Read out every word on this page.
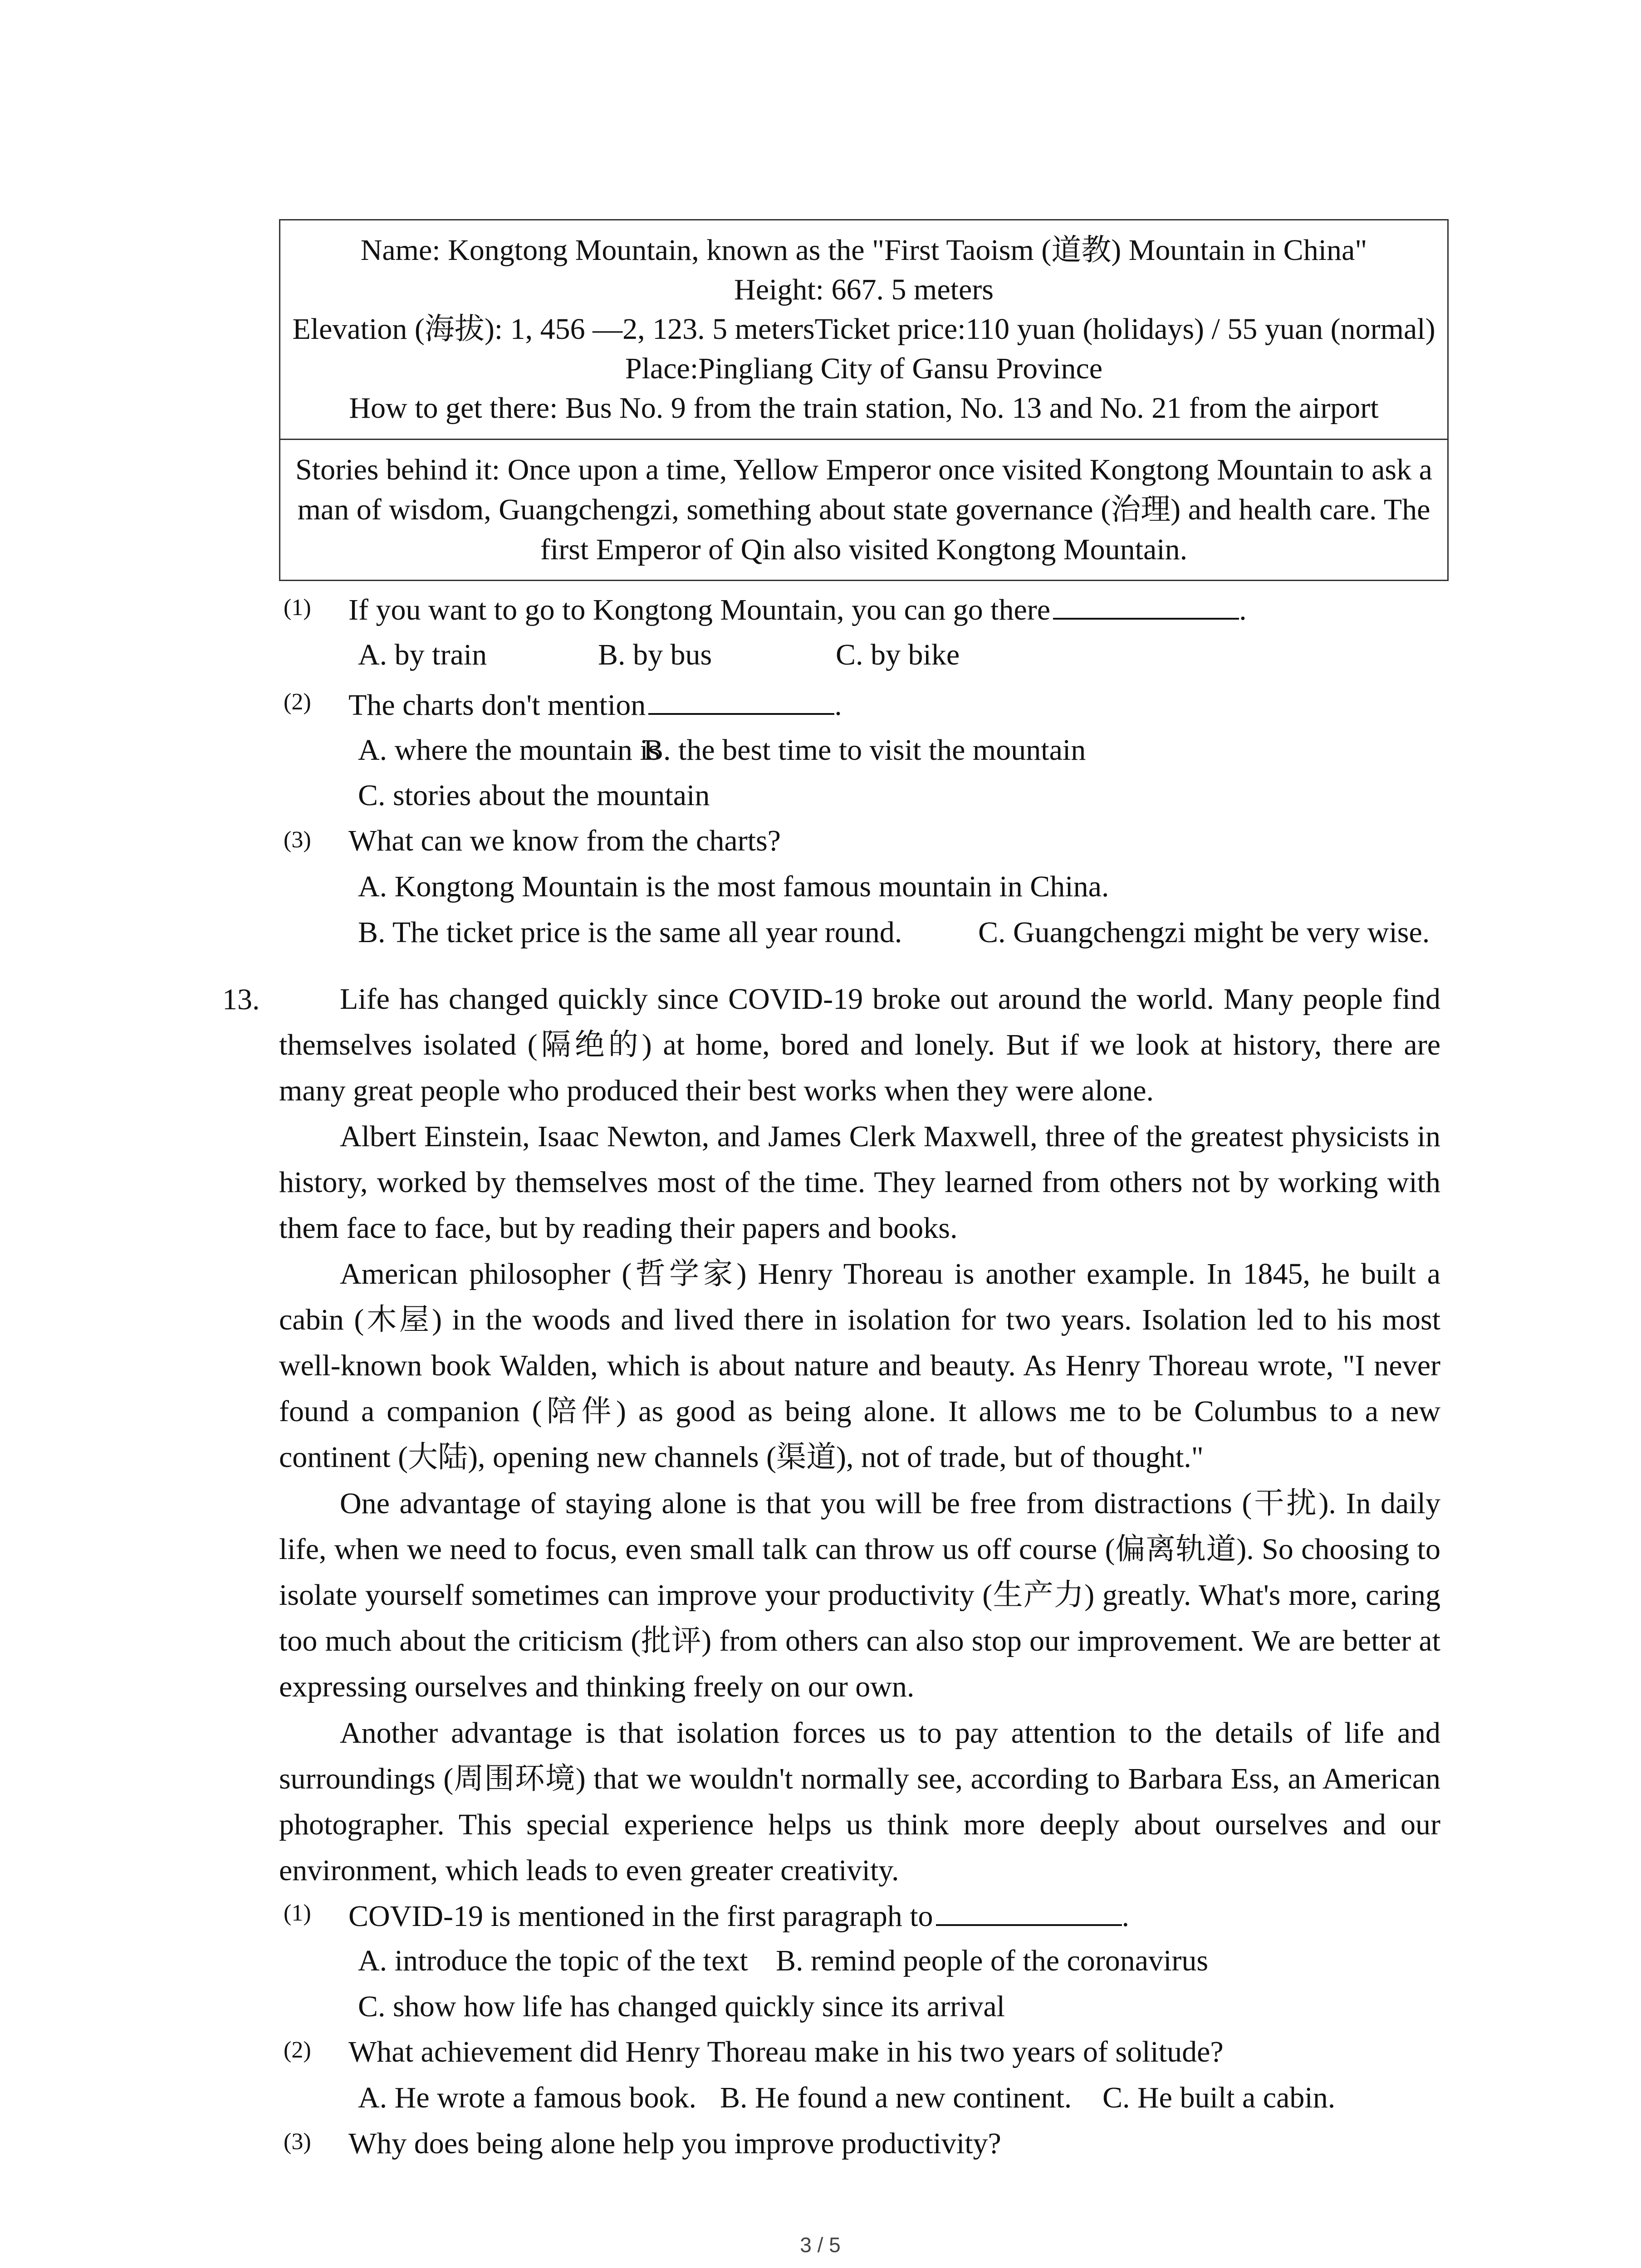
Name: Kongtong Mountain, known as the "First Taoism (道教) Mountain in China"
Height: 667. 5 meters
Elevation (海拔): 1, 456 —2, 123. 5 metersTicket price:110 yuan (holidays) / 55 yuan (normal)Place:Pingliang City of Gansu Province
How to get there: Bus No. 9 from the train station, No. 13 and No. 21 from the airport
Stories behind it: Once upon a time, Yellow Emperor once visited Kongtong Mountain to ask a man of wisdom, Guangchengzi, something about state governance (治理) and health care. The first Emperor of Qin also visited Kongtong Mountain.
(1) If you want to go to Kongtong Mountain, you can go there	.
A. by train	B. by bus	C. by bike
(2) The charts don't mention	.
A. where the mountain is
B. the best time to visit the mountain
C. stories about the mountain
(3) What can we know from the charts?
A. Kongtong Mountain is the most famous mountain in China.
B. The ticket price is the same all year round.	C. Guangchengzi might be very wise.
13.	Life has changed quickly since COVID-19 broke out around the world. Many people find themselves isolated (隔绝的) at home, bored and lonely. But if we look at history, there are many great people who produced their best works when they were alone.
Albert Einstein, Isaac Newton, and James Clerk Maxwell, three of the greatest physicists in history, worked by themselves most of the time. They learned from others not by working with them face to face, but by reading their papers and books.
American philosopher (哲学家) Henry Thoreau is another example. In 1845, he built a cabin (木屋) in the woods and lived there in isolation for two years. Isolation led to his most well-known book Walden, which is about nature and beauty. As Henry Thoreau wrote, "I never found a companion (陪伴) as good as being alone. It allows me to be Columbus to a new continent (大陆), opening new channels (渠道), not of trade, but of thought."
One advantage of staying alone is that you will be free from distractions (干扰). In daily life, when we need to focus, even small talk can throw us off course (偏离轨道). So choosing to isolate yourself sometimes can improve your productivity (生产力) greatly. What's more, caring too much about the criticism (批评) from others can also stop our improvement. We are better at expressing ourselves and thinking freely on our own.
Another advantage is that isolation forces us to pay attention to the details of life and surroundings (周围环境) that we wouldn't normally see, according to Barbara Ess, an American photographer. This special experience helps us think more deeply about ourselves and our environment, which leads to even greater creativity.
(1) COVID-19 is mentioned in the first paragraph to	.
A. introduce the topic of the text B. remind people of the coronavirus
C. show how life has changed quickly since its arrival
(2) What achievement did Henry Thoreau make in his two years of solitude?
A. He wrote a famous book. B. He found a new continent. C. He built a cabin.
(3) Why does being alone help you improve productivity?
3 / 5
